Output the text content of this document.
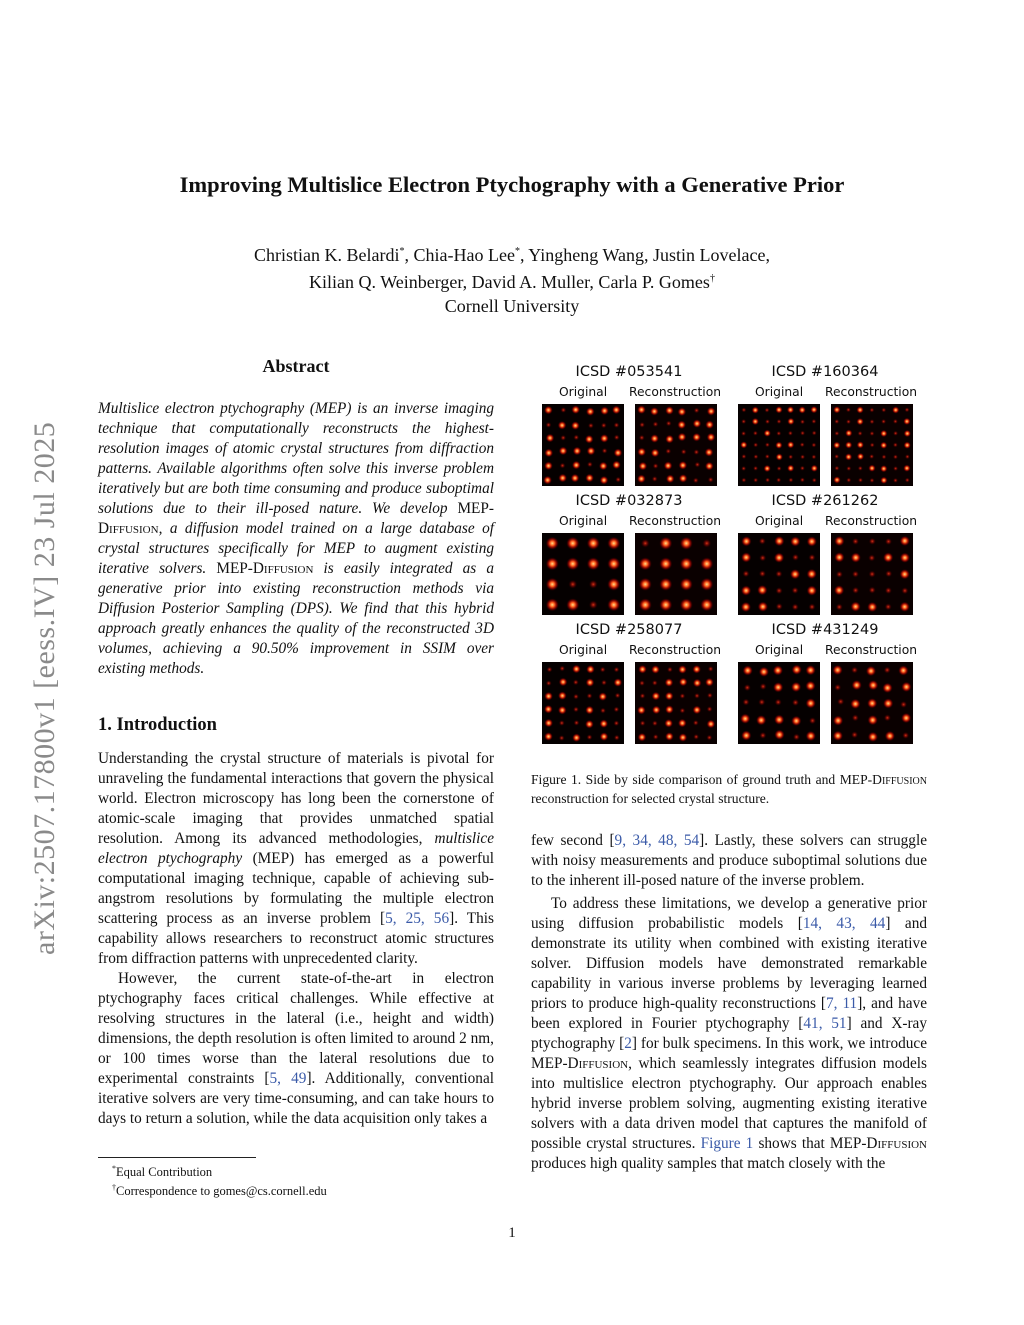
arXiv:2507.17800v1 [eess.IV] 23 Jul 2025
Improving Multislice Electron Ptychography with a Generative Prior
Christian K. Belardi*, Chia-Hao Lee*, Yingheng Wang, Justin Lovelace,
Kilian Q. Weinberger, David A. Muller, Carla P. Gomes†
Cornell University
Abstract

Multislice electron ptychography (MEP) is an inverse imaging technique that computationally reconstructs the highest-resolution images of atomic crystal structures from diffraction patterns. Available algorithms often solve this inverse problem iteratively but are both time consuming and produce suboptimal solutions due to their ill-posed nature. We develop MEP-Diffusion, a diffusion model trained on a large database of crystal structures specifically for MEP to augment existing iterative solvers. MEP-Diffusion is easily integrated as a generative prior into existing reconstruction methods via Diffusion Posterior Sampling (DPS). We find that this hybrid approach greatly enhances the quality of the reconstructed 3D volumes, achieving a 90.50% improvement in SSIM over existing methods.

1. Introduction

Understanding the crystal structure of materials is pivotal for unraveling the fundamental interactions that govern the physical world. Electron microscopy has long been the cornerstone of atomic-scale imaging that provides unmatched spatial resolution. Among its advanced methodologies, multislice electron ptychography (MEP) has emerged as a powerful computational imaging technique, capable of achieving sub-angstrom resolutions by formulating the multiple electron scattering process as an inverse problem [5, 25, 56]. This capability allows researchers to reconstruct atomic structures from diffraction patterns with unprecedented clarity.

However, the current state-of-the-art in electron ptychography faces critical challenges. While effective at resolving structures in the lateral (i.e., height and width) dimensions, the depth resolution is often limited to around 2 nm, or 100 times worse than the lateral resolutions due to experimental constraints [5, 49]. Additionally, conventional iterative solvers are very time-consuming, and can take hours to days to return a solution, while the data acquisition only takes a

*Equal Contribution
†Correspondence to gomes@cs.cornell.edu
ICSD #053541
Original Reconstruction
ICSD #160364
Original Reconstruction
ICSD #032873
Original Reconstruction
ICSD #261262
Original Reconstruction
ICSD #258077
Original Reconstruction
ICSD #431249
Original Reconstruction

Figure 1. Side by side comparison of ground truth and MEP-Diffusion reconstruction for selected crystal structure.

few second [9, 34, 48, 54]. Lastly, these solvers can struggle with noisy measurements and produce suboptimal solutions due to the inherent ill-posed nature of the inverse problem.

To address these limitations, we develop a generative prior using diffusion probabilistic models [14, 43, 44] and demonstrate its utility when combined with existing iterative solver. Diffusion models have demonstrated remarkable capability in various inverse problems by leveraging learned priors to produce high-quality reconstructions [7, 11], and have been explored in Fourier ptychography [41, 51] and X-ray ptychography [2] for bulk specimens. In this work, we introduce MEP-Diffusion, which seamlessly integrates diffusion models into multislice electron ptychography. Our approach enables hybrid inverse problem solving, augmenting existing iterative solvers with a data driven model that captures the manifold of possible crystal structures. Figure 1 shows that MEP-Diffusion produces high quality samples that match closely with the

1
